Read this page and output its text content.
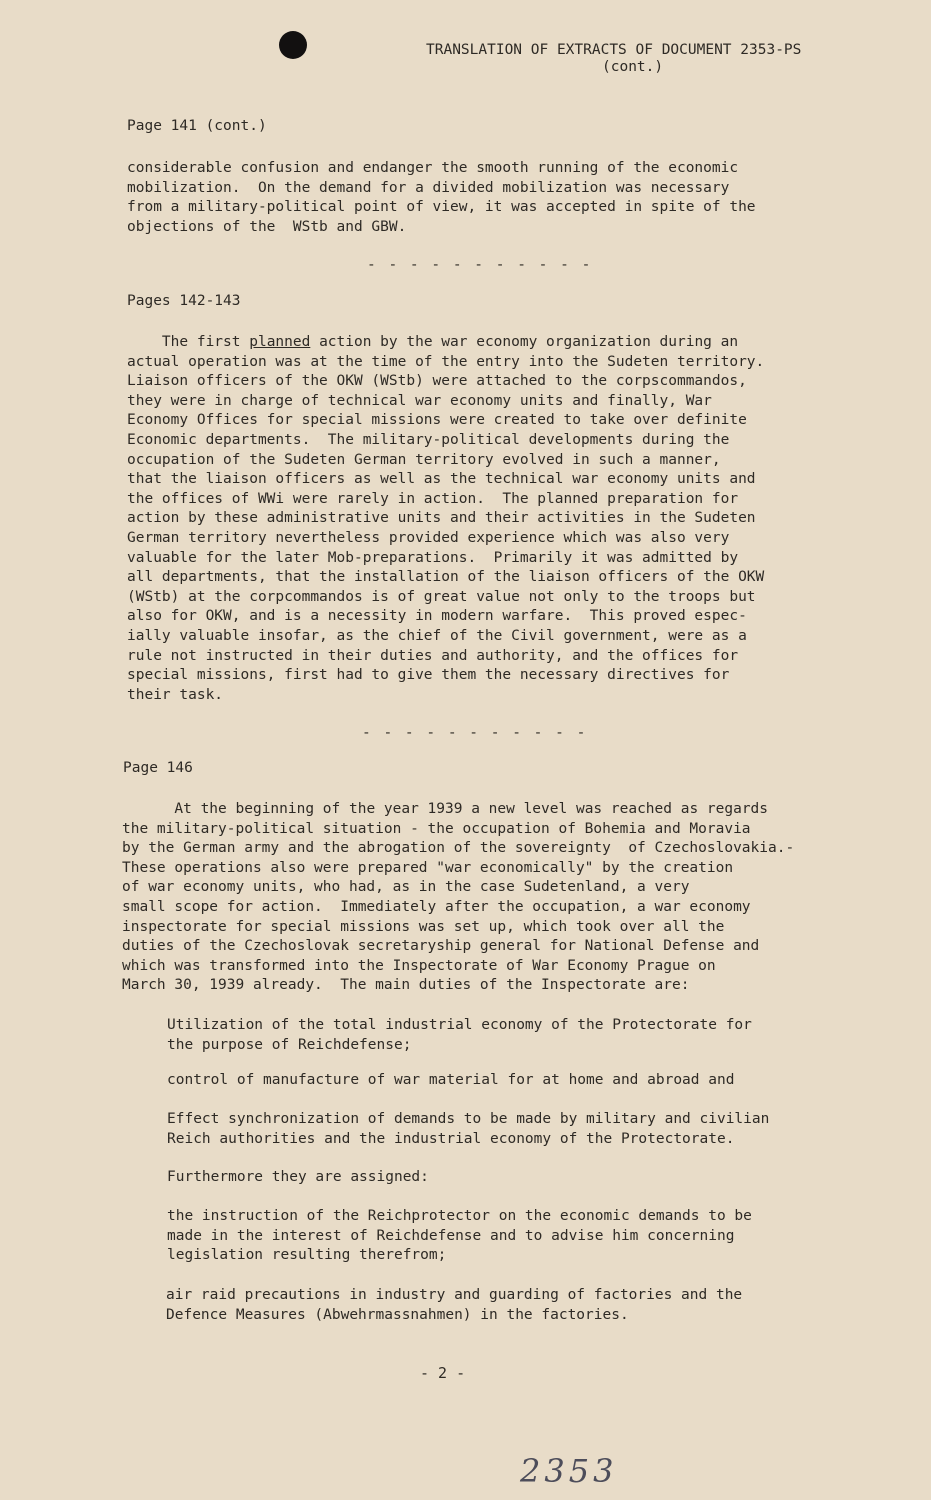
TRANSLATION OF EXTRACTS OF DOCUMENT 2353-PS
(cont.)
Page 141 (cont.)

considerable confusion and endanger the smooth running of the economic
mobilization.  On the demand for a divided mobilization was necessary
from a military-political point of view, it was accepted in spite of the
objections of the  WStb and GBW.

- - - - - - - - - - -
Pages 142-143

The first planned action by the war economy organization during an
actual operation was at the time of the entry into the Sudeten territory.
Liaison officers of the OKW (WStb) were attached to the corpscommandos,
they were in charge of technical war economy units and finally, War
Economy Offices for special missions were created to take over definite
Economic departments.  The military-political developments during the
occupation of the Sudeten German territory evolved in such a manner,
that the liaison officers as well as the technical war economy units and
the offices of WWi were rarely in action.  The planned preparation for
action by these administrative units and their activities in the Sudeten
German territory nevertheless provided experience which was also very
valuable for the later Mob-preparations.  Primarily it was admitted by
all departments, that the installation of the liaison officers of the OKW
(WStb) at the corpcommandos is of great value not only to the troops but
also for OKW, and is a necessity in modern warfare.  This proved espec-
ially valuable insofar, as the chief of the Civil government, were as a
rule not instructed in their duties and authority, and the offices for
special missions, first had to give them the necessary directives for
their task.

- - - - - - - - - - -
Page 146

At the beginning of the year 1939 a new level was reached as regards
the military-political situation - the occupation of Bohemia and Moravia
by the German army and the abrogation of the sovereignty  of Czechoslovakia.-
These operations also were prepared "war economically" by the creation
of war economy units, who had, as in the case Sudetenland, a very
small scope for action.  Immediately after the occupation, a war economy
inspectorate for special missions was set up, which took over all the
duties of the Czechoslovak secretaryship general for National Defense and
which was transformed into the Inspectorate of War Economy Prague on
March 30, 1939 already.  The main duties of the Inspectorate are:

Utilization of the total industrial economy of the Protectorate for
the purpose of Reichdefense;

control of manufacture of war material for at home and abroad and

Effect synchronization of demands to be made by military and civilian
Reich authorities and the industrial economy of the Protectorate.

Furthermore they are assigned:

the instruction of the Reichprotector on the economic demands to be
made in the interest of Reichdefense and to advise him concerning
legislation resulting therefrom;

air raid precautions in industry and guarding of factories and the
Defence Measures (Abwehrmassnahmen) in the factories.

- 2 -
2353
